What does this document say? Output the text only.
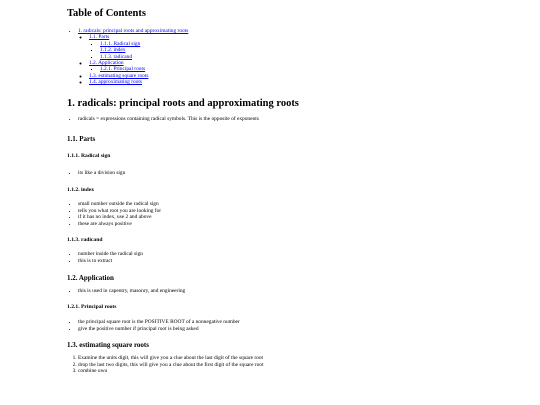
Table of Contents
• 1. radicals: principal roots and approximating roots
◦ 1.1. Parts
▪ 1.1.1. Radical sign
▪ 1.1.2. index
▪ 1.1.3. radicand
◦ 1.2. Application
▪ 1.2.1. Principal roots
◦ 1.3. estimating square roots
◦ 1.4. approximating roots
1. radicals: principal roots and approximating roots
• radicals = expressions containing radical symbols. This is the opposite of exponents
1.1. Parts
1.1.1. Radical sign
• its like a division sign
1.1.2. index
• small number outside the radical sign
• tells you what root you are looking for
• if it has no index, use 2 and above
• these are always positive
1.1.3. radicand
• number inside the radical sign
• this is to extract
1.2. Application
• this is used in capentry, masonry, and engineering
1.2.1. Principal roots
• the principal square root is the POSITIVE ROOT of a nonnegative number
• give the positive number if principal root is being asked
1.3. estimating square roots
1. Examine the units digit, this will give you a clue about the last digit of the square root
2. drop the last two digits, this will give you a clue about the first digit of the square root
3. combine uwu
